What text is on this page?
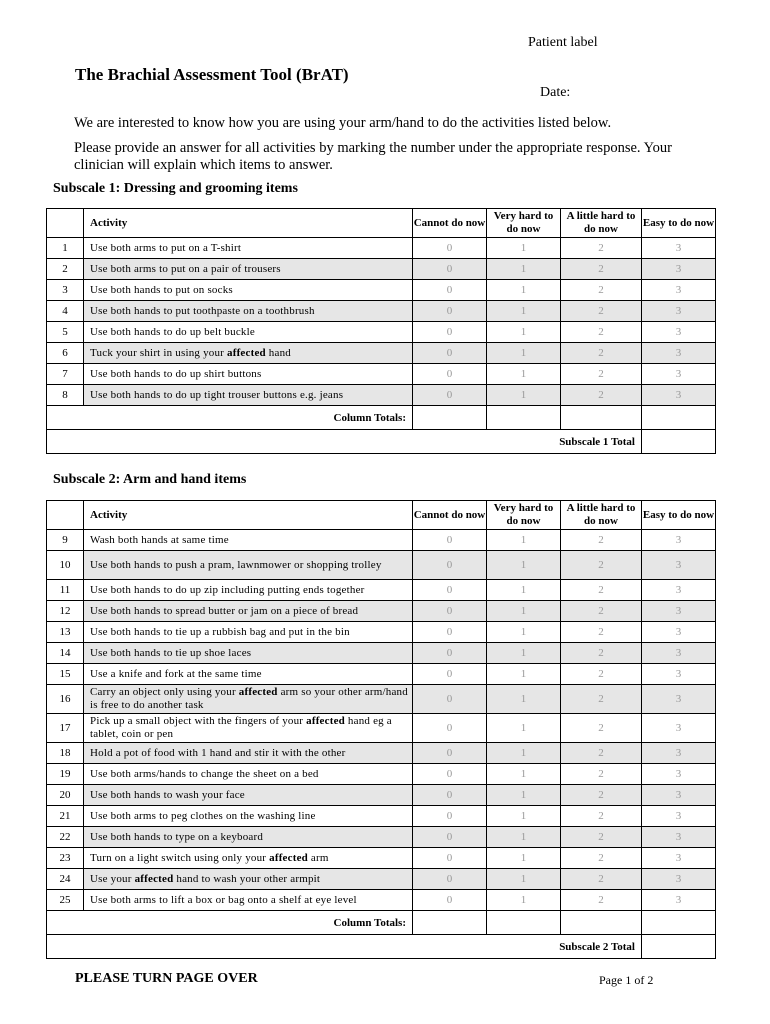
Patient label
The Brachial Assessment Tool (BrAT)
Date:
We are interested to know how you are using your arm/hand to do the activities listed below.
Please provide an answer for all activities by marking the number under the appropriate response. Your clinician will explain which items to answer.
Subscale 1: Dressing and grooming items
	Activity	Cannot do now	Very hard to do now	A little hard to do now	Easy to do now
1	Use both arms to put on a T-shirt	0	1	2	3
2	Use both arms to put on a pair of trousers	0	1	2	3
3	Use both hands to put on socks	0	1	2	3
4	Use both hands to put toothpaste on a toothbrush	0	1	2	3
5	Use both hands to do up belt buckle	0	1	2	3
6	Tuck your shirt in using your affected hand	0	1	2	3
7	Use both hands to do up shirt buttons	0	1	2	3
8	Use both hands to do up tight trouser buttons e.g. jeans	0	1	2	3
Column Totals:					
Subscale 1 Total					
Subscale 2: Arm and hand items
	Activity	Cannot do now	Very hard to do now	A little hard to do now	Easy to do now
9	Wash both hands at same time	0	1	2	3
10	Use both hands to push a pram, lawnmower or shopping trolley	0	1	2	3
11	Use both hands to do up zip including putting ends together	0	1	2	3
12	Use both hands to spread butter or jam on a piece of bread	0	1	2	3
13	Use both hands to tie up a rubbish bag and put in the bin	0	1	2	3
14	Use both hands to tie up shoe laces	0	1	2	3
15	Use a knife and fork at the same time	0	1	2	3
16	Carry an object only using your affected arm so your other arm/hand is free to do another task	0	1	2	3
17	Pick up a small object with the fingers of your affected hand eg a tablet, coin or pen	0	1	2	3
18	Hold a pot of food with 1 hand and stir it with the other	0	1	2	3
19	Use both arms/hands to change the sheet on a bed	0	1	2	3
20	Use both hands to wash your face	0	1	2	3
21	Use both arms to peg clothes on the washing line	0	1	2	3
22	Use both hands to type on a keyboard	0	1	2	3
23	Turn on a light switch using only your affected arm	0	1	2	3
24	Use your affected hand to wash your other armpit	0	1	2	3
25	Use both arms to lift a box or bag onto a shelf at eye level	0	1	2	3
Column Totals:					
Subscale 2 Total					
PLEASE TURN PAGE OVER	Page 1 of 2
